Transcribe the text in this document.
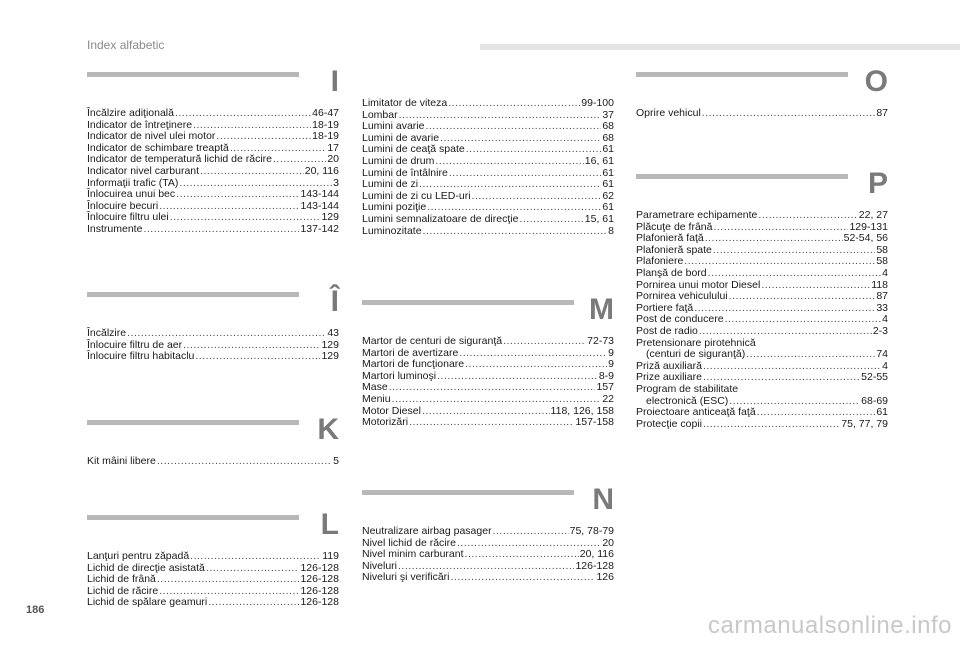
Index alfabetic
I
Încălzire adiţională .....	46-47
Indicator de întreţinere .....	18-19
Indicator de nivel ulei motor .....	18-19
Indicator de schimbare treaptă .....	17
Indicator de temperatură lichid de răcire .....	20
Indicator nivel carburant .....	20, 116
Informaţii trafic (TA) .....	3
Înlocuirea unui bec .....	143-144
Înlocuire becuri .....	143-144
Înlocuire filtru ulei .....	129
Instrumente .....	137-142
Î
Încălzire .....	43
Înlocuire filtru de aer .....	129
Înlocuire filtru habitaclu .....	129
K
Kit mâini libere .....	5
L
Lanţuri pentru zăpadă .....	119
Lichid de direcţie asistată .....	126-128
Lichid de frână .....	126-128
Lichid de răcire .....	126-128
Lichid de spălare geamuri .....	126-128
Limitator de viteza .....	99-100
Lombar .....	37
Lumini avarie .....	68
Lumini de avarie .....	68
Lumini de ceaţă spate .....	61
Lumini de drum .....	16, 61
Lumini de întâlnire .....	61
Lumini de zi .....	61
Lumini de zi cu LED-uri .....	62
Lumini poziţie .....	61
Lumini semnalizatoare de direcţie .....	15, 61
Luminozitate .....	8
M
Martor de centuri de siguranţă .....	72-73
Martori de avertizare .....	9
Martori de funcţionare .....	9
Martori luminoşi .....	8-9
Mase .....	157
Meniu .....	22
Motor Diesel .....	118, 126, 158
Motorizări .....	157-158
N
Neutralizare airbag pasager .....	75, 78-79
Nivel lichid de răcire .....	20
Nivel minim carburant .....	20, 116
Niveluri .....	126-128
Niveluri şi verificări .....	126
O
Oprire vehicul .....	87
P
Parametrare echipamente .....	22, 27
Plăcuţe de frână .....	129-131
Plafonieră faţă .....	52-54, 56
Plafonieră spate .....	58
Plafoniere .....	58
Planşă de bord .....	4
Pornirea unui motor Diesel .....	118
Pornirea vehiculului .....	87
Portiere faţă .....	33
Post de conducere .....	4
Post de radio .....	2-3
Pretensionare pirotehnică
(centuri de siguranţă) .....	74
Priză auxiliară .....	4
Prize auxiliare .....	52-55
Program de stabilitate
electronică (ESC) .....	68-69
Proiectoare anticeaţă faţă .....	61
Protecţie copii .....	75, 77, 79
186
carmanualsonline.info
